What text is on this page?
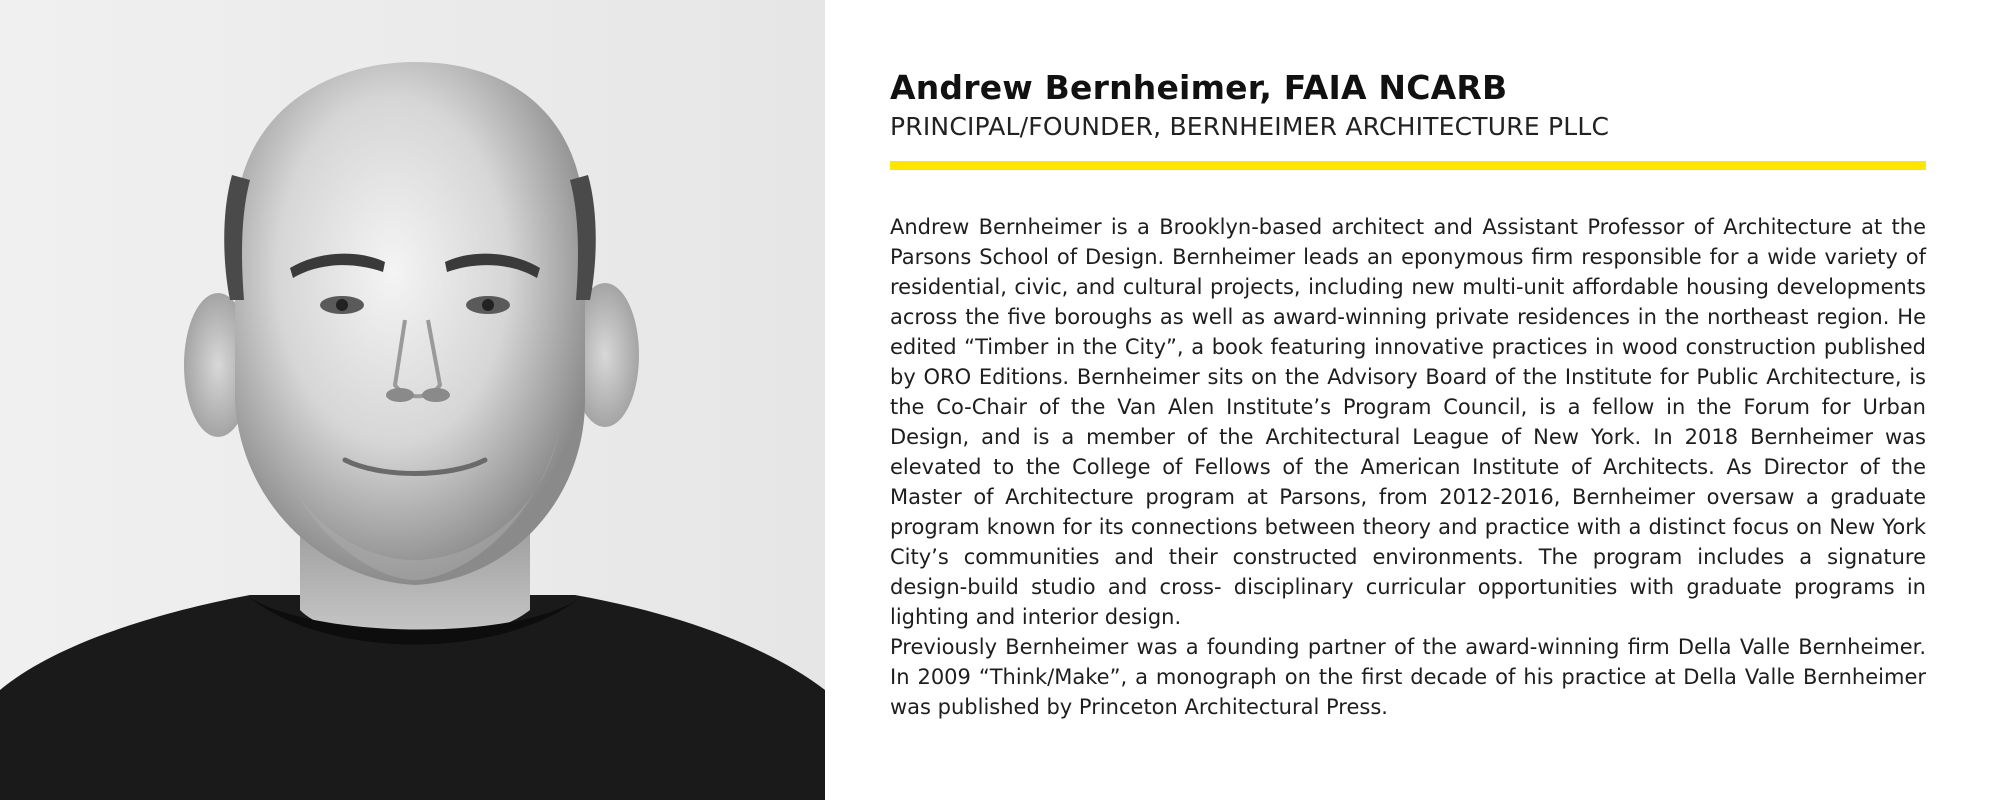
Andrew Bernheimer, FAIA NCARB
PRINCIPAL/FOUNDER, BERNHEIMER ARCHITECTURE PLLC

Andrew Bernheimer is a Brooklyn-based architect and Assistant Professor of Architecture at the Parsons School of Design. Bernheimer leads an eponymous firm responsible for a wide variety of residential, civic, and cultural projects, including new multi-unit affordable housing developments across the five boroughs as well as award-winning private residences in the northeast region. He edited “Timber in the City”, a book featuring innovative practices in wood construction published by ORO Editions. Bernheimer sits on the Advisory Board of the Institute for Public Architecture, is the Co-Chair of the Van Alen Institute’s Program Council, is a fellow in the Forum for Urban Design, and is a member of the Architectural League of New York. In 2018 Bernheimer was elevated to the College of Fellows of the American Institute of Architects. As Director of the Master of Architecture program at Parsons, from 2012-2016, Bernheimer oversaw a graduate program known for its connections between theory and practice with a distinct focus on New York City’s communities and their constructed environments. The program includes a signature design-build studio and cross- disciplinary curricular opportunities with graduate programs in lighting and interior design.

Previously Bernheimer was a founding partner of the award-winning firm Della Valle Bernheimer. In 2009 “Think/Make”, a monograph on the first decade of his practice at Della Valle Bernheimer was published by Princeton Architectural Press.
